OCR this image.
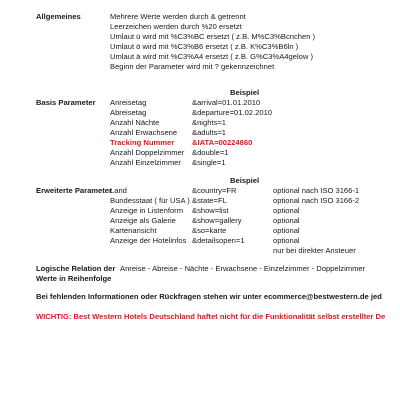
Allgemeines	Mehrere Werte werden durch & getrennt
Leerzeichen werden durch %20 ersetzt
Umlaut ü wird mit %C3%BC ersetzt ( z.B. M%C3%Bcnchen )
Umlaut ö wird mit %C3%B6 ersetzt ( z.B. K%C3%B6ln )
Umlaut ä wird mit %C3%A4 ersetzt ( z.B. G%C3%A4gelow )
Beginn der Parameter wird mit ? gekennzeichnet
Beispiel
Basis Parameter Anreisetag	&arrival=01.01.2010
Abreisetag	&departure=01.02.2010
Anzahl Nächte	&nights=1
Anzahl Erwachsene &adults=1
Tracking Nummer &IATA=00224860
Anzahl Doppelzimmer &double=1
Anzahl Einzelzimmer &single=1
Beispiel
Erweiterte Parameter
Land	&country=FR	optional nach ISO 3166-1
Bundesstaat ( für USA ) &state=FL	optional nach ISO 3166-2
Anzeige in Listenform &show=list	optional
Anzeige als Galerie &show=gallery	optional
Kartenansicht	&so=karte	optional
Anzeige der Hotelinfos &detailsopen=1	optional
nur bei direkter Ansteuer
Logische Relation der
Werte in Reihenfolge
Anreise - Abreise - Nächte - Erwachsene - Einzelzimmer - Doppelzimmer
Bei fehlenden Informationen oder Rückfragen stehen wir unter ecommerce@bestwestern.de jed
WICHTIG: Best Western Hotels Deutschland haftet nicht für die Funktionalität selbst erstellter De
